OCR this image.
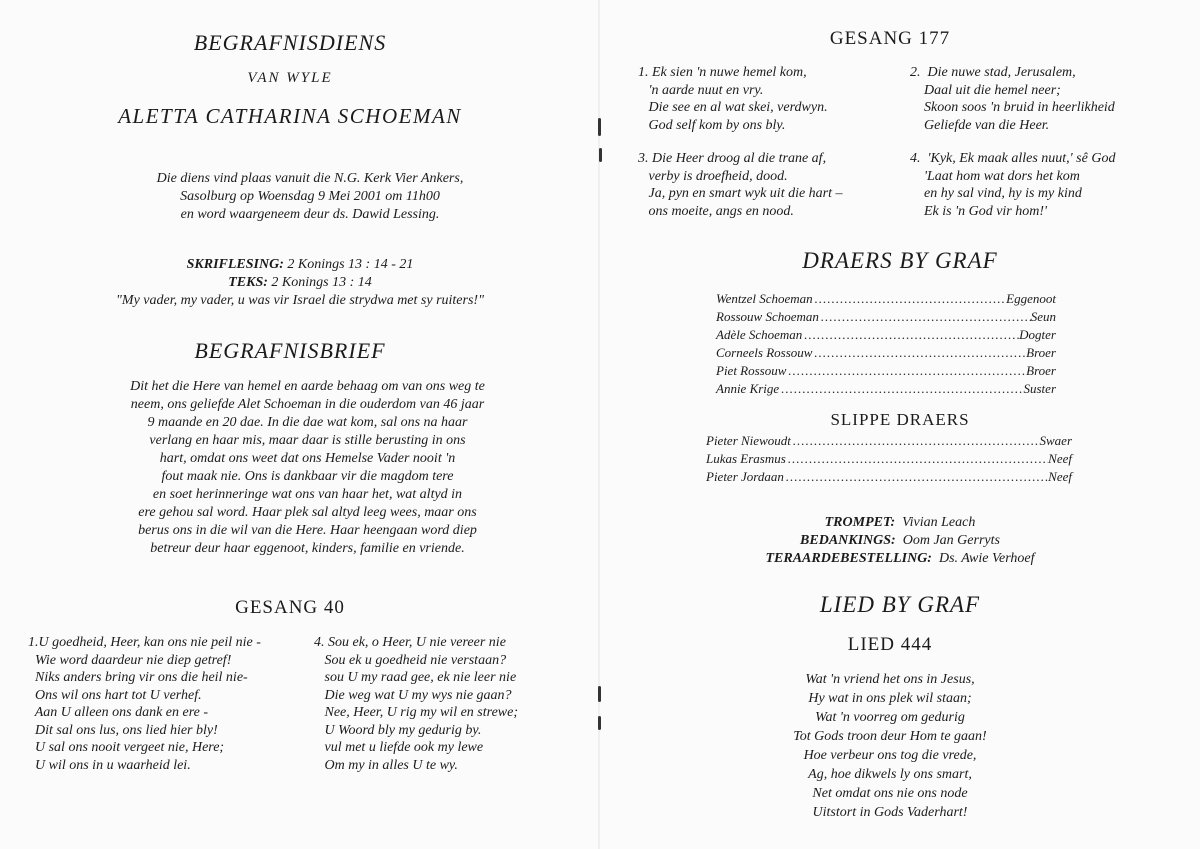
BEGRAFNISDIENS
VAN WYLE
ALETTA CATHARINA SCHOEMAN
Die diens vind plaas vanuit die N.G. Kerk Vier Ankers,
Sasolburg op Woensdag 9 Mei 2001 om 11h00
en word waargeneem deur ds. Dawid Lessing.
SKRIFLESING: 2 Konings 13 : 14 - 21
TEKS: 2 Konings 13 : 14
"My vader, my vader, u was vir Israel die strydwa met sy ruiters!"
BEGRAFNISBRIEF
Dit het die Here van hemel en aarde behaag om van ons weg te
neem, ons geliefde Alet Schoeman in die ouderdom van 46 jaar
9 maande en 20 dae. In die dae wat kom, sal ons na haar
verlang en haar mis, maar daar is stille berusting in ons
hart, omdat ons weet dat ons Hemelse Vader nooit 'n
fout maak nie. Ons is dankbaar vir die magdom tere
en soet herinneringe wat ons van haar het, wat altyd in
ere gehou sal word. Haar plek sal altyd leeg wees, maar ons
berus ons in die wil van die Here. Haar heengaan word diep
betreur deur haar eggenoot, kinders, familie en vriende.
GESANG 40
1.U goedheid, Heer, kan ons nie peil nie -
Wie word daardeur nie diep getref!
Niks anders bring vir ons die heil nie-
Ons wil ons hart tot U verhef.
Aan U alleen ons dank en ere -
Dit sal ons lus, ons lied hier bly!
U sal ons nooit vergeet nie, Here;
U wil ons in u waarheid lei.
4. Sou ek, o Heer, U nie vereer nie
Sou ek u goedheid nie verstaan?
sou U my raad gee, ek nie leer nie
Die weg wat U my wys nie gaan?
Nee, Heer, U rig my wil en strewe;
U Woord bly my gedurig by.
vul met u liefde ook my lewe
Om my in alles U te wy.
GESANG 177
1. Ek sien 'n nuwe hemel kom,
'n aarde nuut en vry.
Die see en al wat skei, verdwyn.
God self kom by ons bly.
2.  Die nuwe stad, Jerusalem,
Daal uit die hemel neer;
Skoon soos 'n bruid in heerlikheid
Geliefde van die Heer.
3. Die Heer droog al die trane af,
verby is droefheid, dood.
Ja, pyn en smart wyk uit die hart –
ons moeite, angs en nood.
4.  'Kyk, Ek maak alles nuut,' sê God
'Laat hom wat dors het kom
en hy sal vind, hy is my kind
Ek is 'n God vir hom!'
DRAERS BY GRAF
Wentzel Schoeman .....	Eggenoot
Rossouw Schoeman .....	Seun
Adèle Schoeman .....	Dogter
Corneels Rossouw .....	Broer
Piet Rossouw .....	Broer
Annie Krige .....	Suster
SLIPPE DRAERS
Pieter Niewoudt .....	Swaer
Lukas Erasmus .....	Neef
Pieter Jordaan .....	Neef
TROMPET: Vivian Leach
BEDANKINGS: Oom Jan Gerryts
TERAARDEBESTELLING: Ds. Awie Verhoef
LIED BY GRAF
LIED 444
Wat 'n vriend het ons in Jesus,
Hy wat in ons plek wil staan;
Wat 'n voorreg om gedurig
Tot Gods troon deur Hom te gaan!
Hoe verbeur ons tog die vrede,
Ag, hoe dikwels ly ons smart,
Net omdat ons nie ons node
Uitstort in Gods Vaderhart!
